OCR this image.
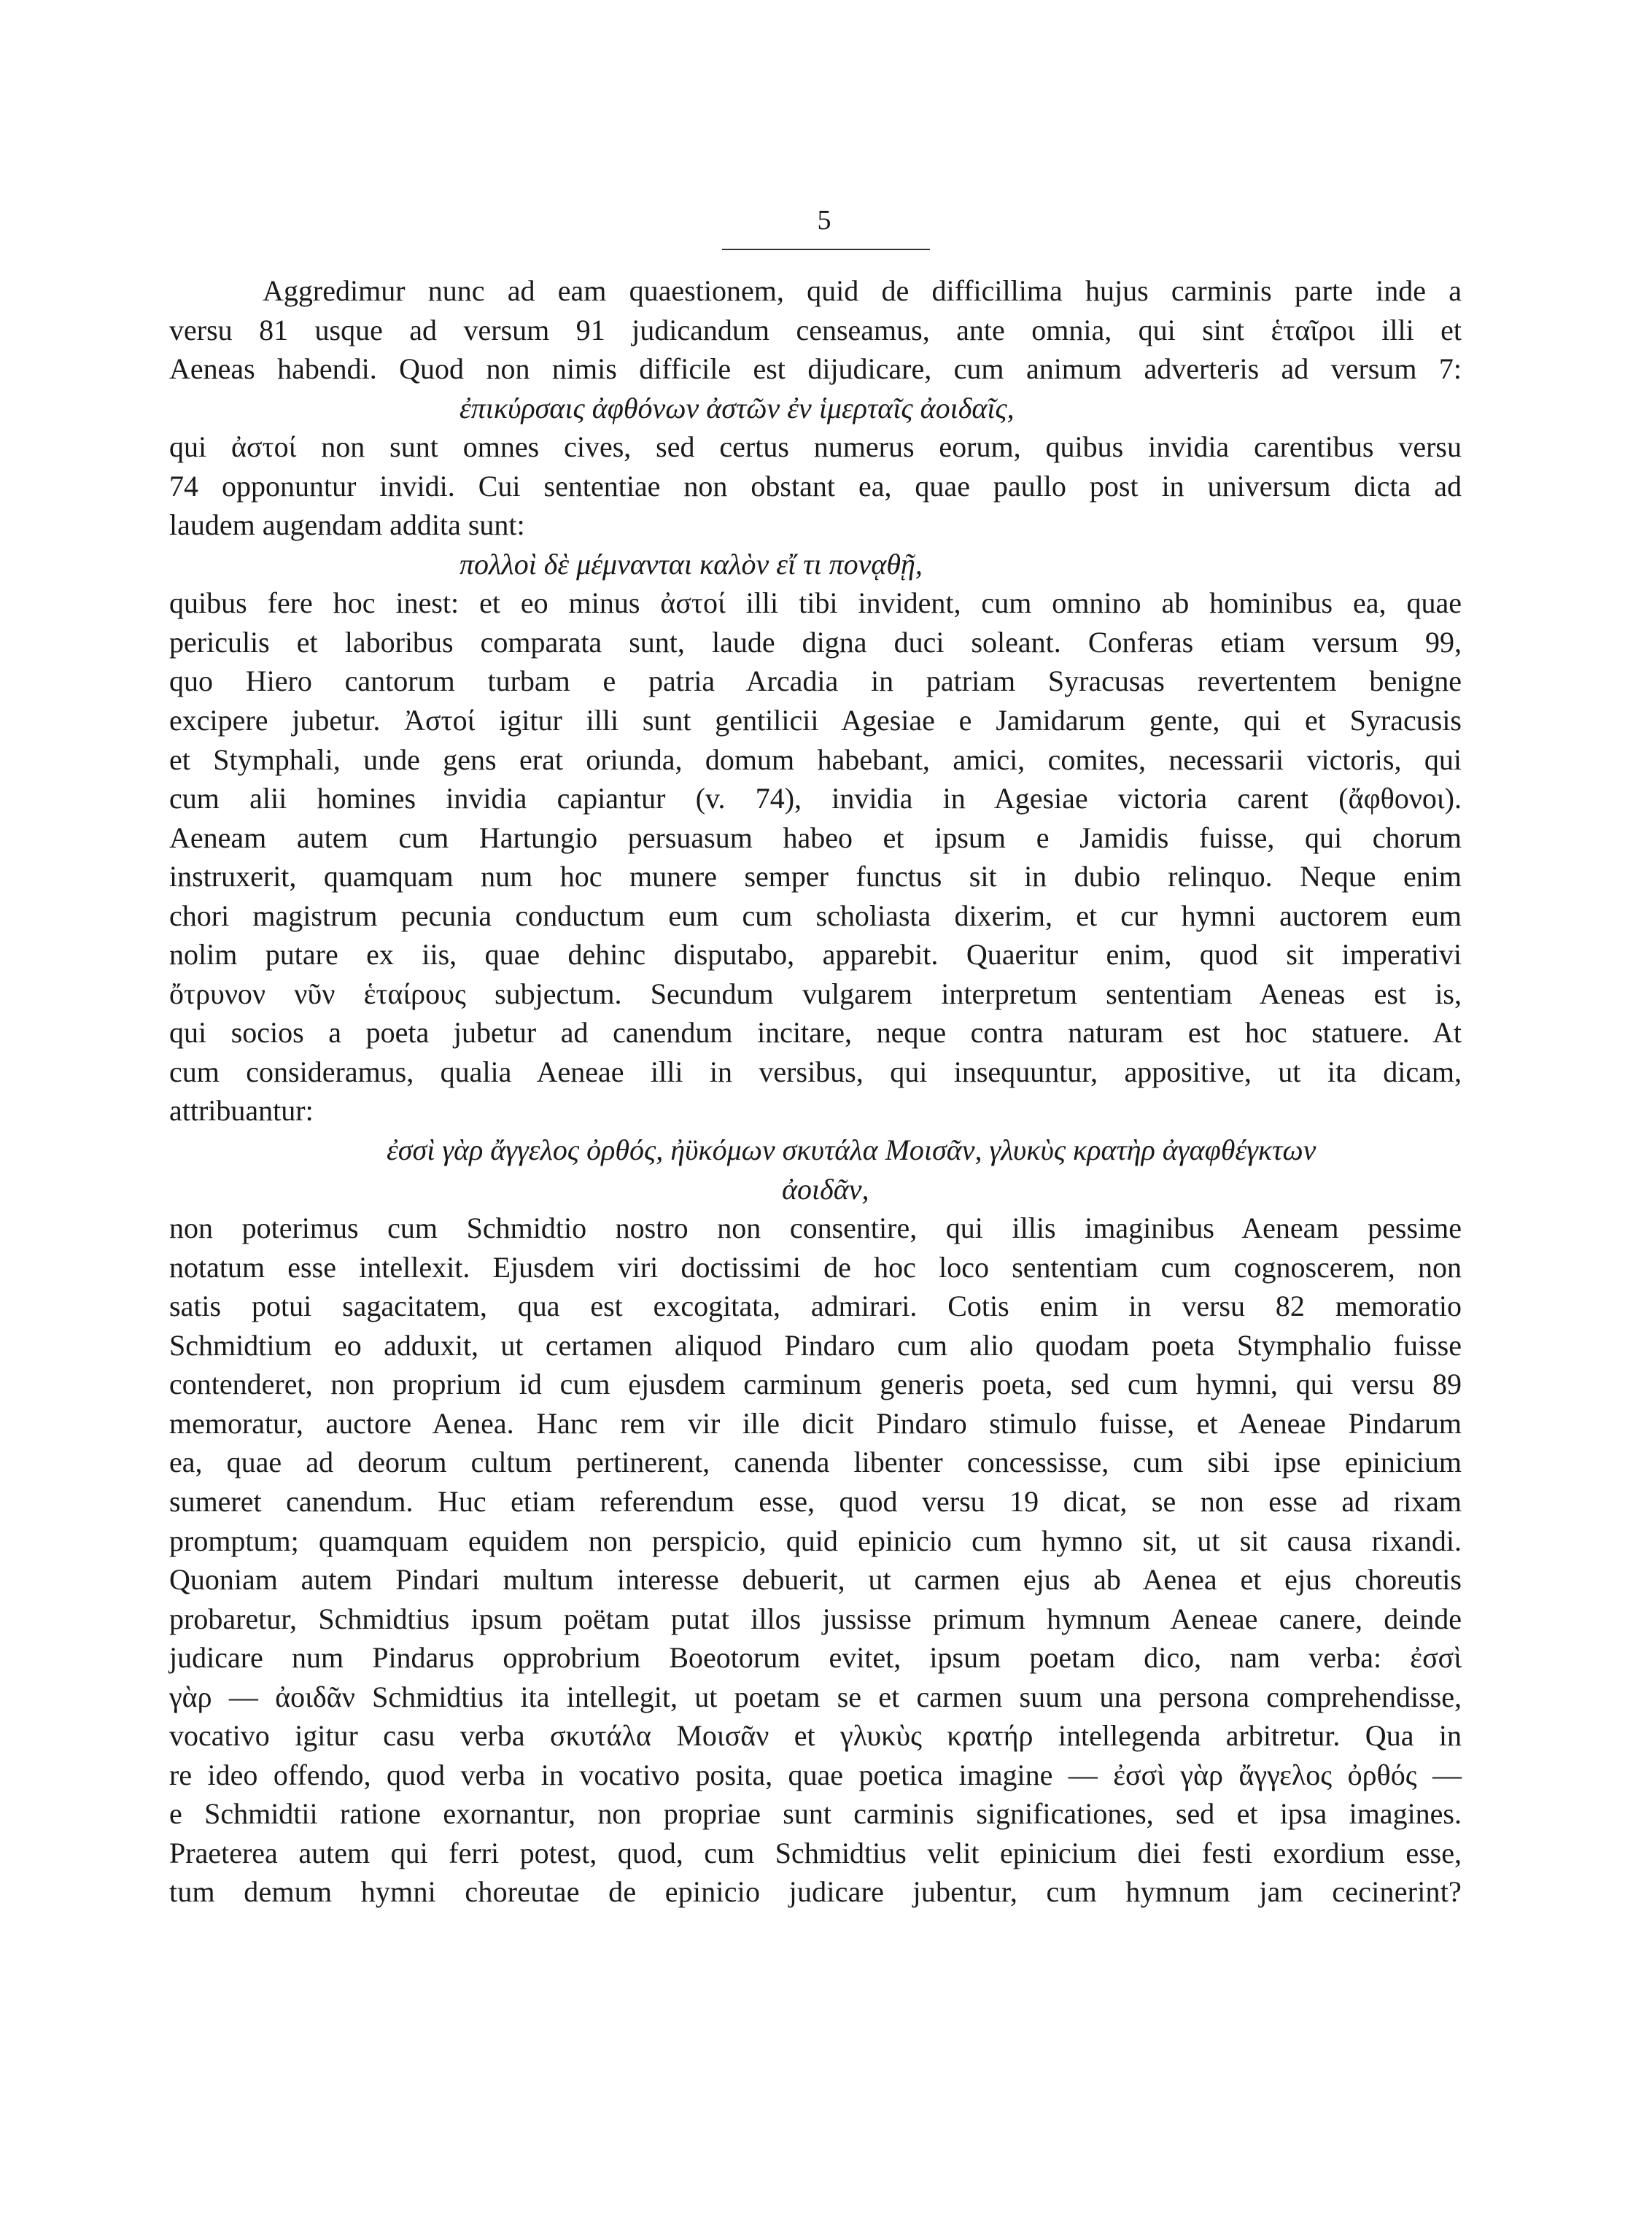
5
Aggredimur nunc ad eam quaestionem, quid de difficillima hujus carminis parte inde a
versu 81 usque ad versum 91 judicandum censeamus, ante omnia, qui sint ἑταῖροι illi et
Aeneas habendi. Quod non nimis difficile est dijudicare, cum animum adverteris ad versum 7:
ἐπικύρσαις ἀφθόνων ἀστῶν ἐν ἱμερταῖς ἀοιδαῖς,
qui ἀστοί non sunt omnes cives, sed certus numerus eorum, quibus invidia carentibus versu
74 opponuntur invidi. Cui sententiae non obstant ea, quae paullo post in universum dicta ad
laudem augendam addita sunt:
πολλοὶ δὲ μέμνανται καλὸν εἴ τι πονᾳθῇ,
quibus fere hoc inest: et eo minus ἀστοί illi tibi invident, cum omnino ab hominibus ea, quae
periculis et laboribus comparata sunt, laude digna duci soleant. Conferas etiam versum 99,
quo Hiero cantorum turbam e patria Arcadia in patriam Syracusas revertentem benigne
excipere jubetur. Ἀστοί igitur illi sunt gentilicii Agesiae e Jamidarum gente, qui et Syracusis
et Stymphali, unde gens erat oriunda, domum habebant, amici, comites, necessarii victoris, qui
cum alii homines invidia capiantur (v. 74), invidia in Agesiae victoria carent (ἄφθονοι).
Aeneam autem cum Hartungio persuasum habeo et ipsum e Jamidis fuisse, qui chorum
instruxerit, quamquam num hoc munere semper functus sit in dubio relinquo. Neque enim
chori magistrum pecunia conductum eum cum scholiasta dixerim, et cur hymni auctorem eum
nolim putare ex iis, quae dehinc disputabo, apparebit. Quaeritur enim, quod sit imperativi
ὄτρυνον νῦν ἑταίρους subjectum. Secundum vulgarem interpretum sententiam Aeneas est is,
qui socios a poeta jubetur ad canendum incitare, neque contra naturam est hoc statuere. At
cum consideramus, qualia Aeneae illi in versibus, qui insequuntur, appositive, ut ita dicam,
attribuantur:
ἐσσὶ γὰρ ἄγγελος ὀρθός, ἠϋκόμων σκυτάλα Μοισᾶν, γλυκὺς κρατὴρ ἀγαφθέγκτων
ἀοιδᾶν,
non poterimus cum Schmidtio nostro non consentire, qui illis imaginibus Aeneam pessime
notatum esse intellexit. Ejusdem viri doctissimi de hoc loco sententiam cum cognoscerem, non
satis potui sagacitatem, qua est excogitata, admirari. Cotis enim in versu 82 memoratio
Schmidtium eo adduxit, ut certamen aliquod Pindaro cum alio quodam poeta Stymphalio fuisse
contenderet, non proprium id cum ejusdem carminum generis poeta, sed cum hymni, qui versu 89
memoratur, auctore Aenea. Hanc rem vir ille dicit Pindaro stimulo fuisse, et Aeneae Pindarum
ea, quae ad deorum cultum pertinerent, canenda libenter concessisse, cum sibi ipse epinicium
sumeret canendum. Huc etiam referendum esse, quod versu 19 dicat, se non esse ad rixam
promptum; quamquam equidem non perspicio, quid epinicio cum hymno sit, ut sit causa rixandi.
Quoniam autem Pindari multum interesse debuerit, ut carmen ejus ab Aenea et ejus choreutis
probaretur, Schmidtius ipsum poëtam putat illos jussisse primum hymnum Aeneae canere, deinde
judicare num Pindarus opprobrium Boeotorum evitet, ipsum poetam dico, nam verba: ἐσσὶ
γὰρ — ἀοιδᾶν Schmidtius ita intellegit, ut poetam se et carmen suum una persona comprehendisse,
vocativo igitur casu verba σκυτάλα Μοισᾶν et γλυκὺς κρατήρ intellegenda arbitretur. Qua in
re ideo offendo, quod verba in vocativo posita, quae poetica imagine — ἐσσὶ γὰρ ἄγγελος ὀρθός —
e Schmidtii ratione exornantur, non propriae sunt carminis significationes, sed et ipsa imagines.
Praeterea autem qui ferri potest, quod, cum Schmidtius velit epinicium diei festi exordium esse,
tum demum hymni choreutae de epinicio judicare jubentur, cum hymnum jam cecinerint?
